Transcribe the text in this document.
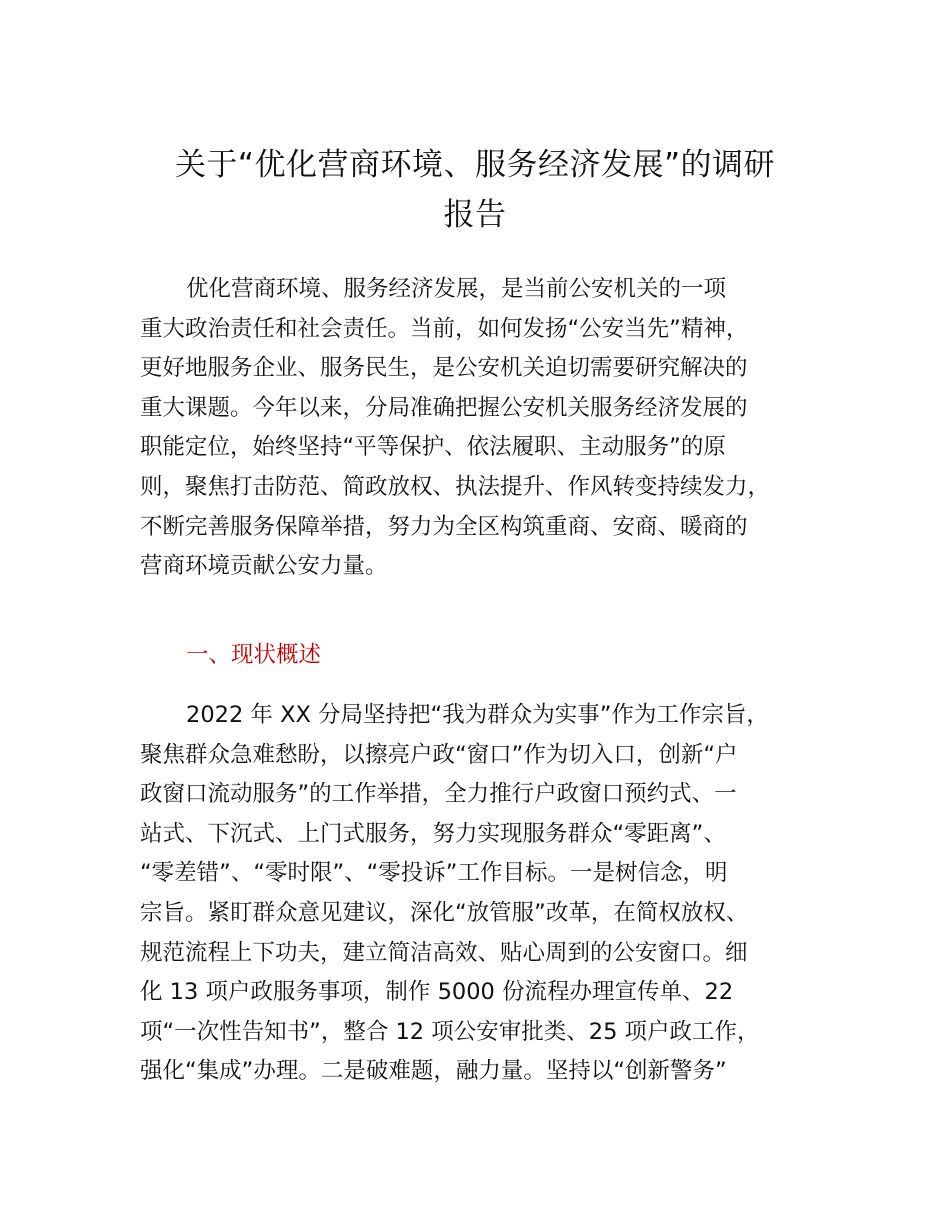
关于“优化营商环境、服务经济发展”的调研
报告
优化营商环境、服务经济发展，是当前公安机关的一项
重大政治责任和社会责任。当前，如何发扬“公安当先”精神，
更好地服务企业、服务民生，是公安机关迫切需要研究解决的
重大课题。今年以来，分局准确把握公安机关服务经济发展的
职能定位，始终坚持“平等保护、依法履职、主动服务”的原
则，聚焦打击防范、简政放权、执法提升、作风转变持续发力，
不断完善服务保障举措，努力为全区构筑重商、安商、暖商的
营商环境贡献公安力量。
一、现状概述
2022 年 XX 分局坚持把“我为群众为实事”作为工作宗旨，
聚焦群众急难愁盼，以擦亮户政“窗口”作为切入口，创新“户
政窗口流动服务”的工作举措，全力推行户政窗口预约式、一
站式、下沉式、上门式服务，努力实现服务群众“零距离”、
“零差错”、“零时限”、“零投诉”工作目标。一是树信念，明
宗旨。紧盯群众意见建议，深化“放管服”改革，在简权放权、
规范流程上下功夫，建立简洁高效、贴心周到的公安窗口。细
化 13 项户政服务事项，制作 5000 份流程办理宣传单、22
项“一次性告知书”，整合 12 项公安审批类、25 项户政工作，
强化“集成”办理。二是破难题，融力量。坚持以“创新警务”
